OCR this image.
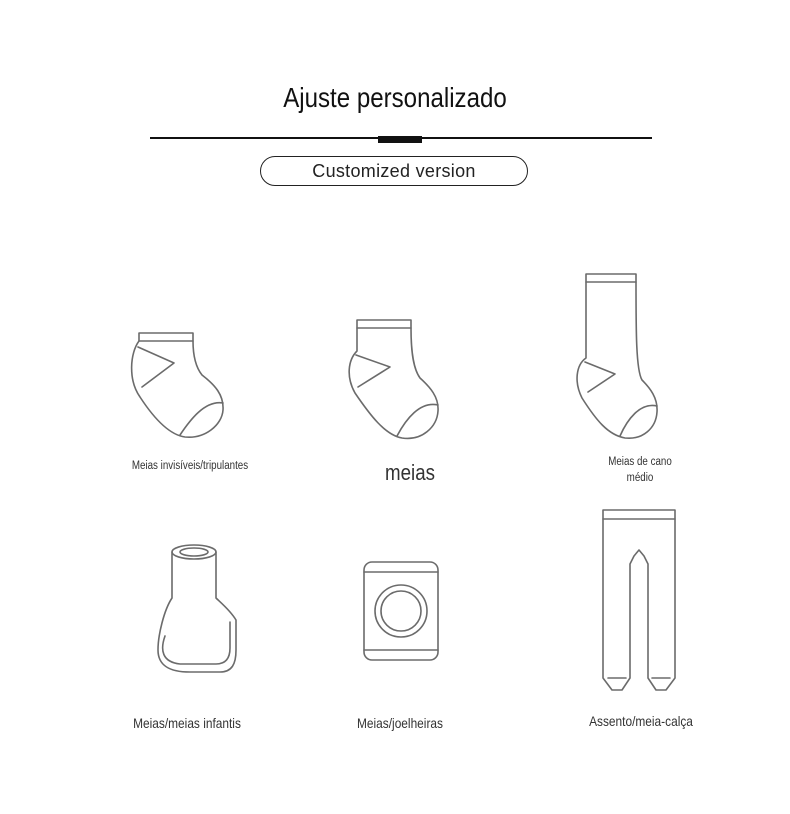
Ajuste personalizado
Customized version
Meias invisíveis/tripulantes	meias	Meias de cano médio
Meias/meias infantis	Meias/joelheiras	Assento/meia-calça
